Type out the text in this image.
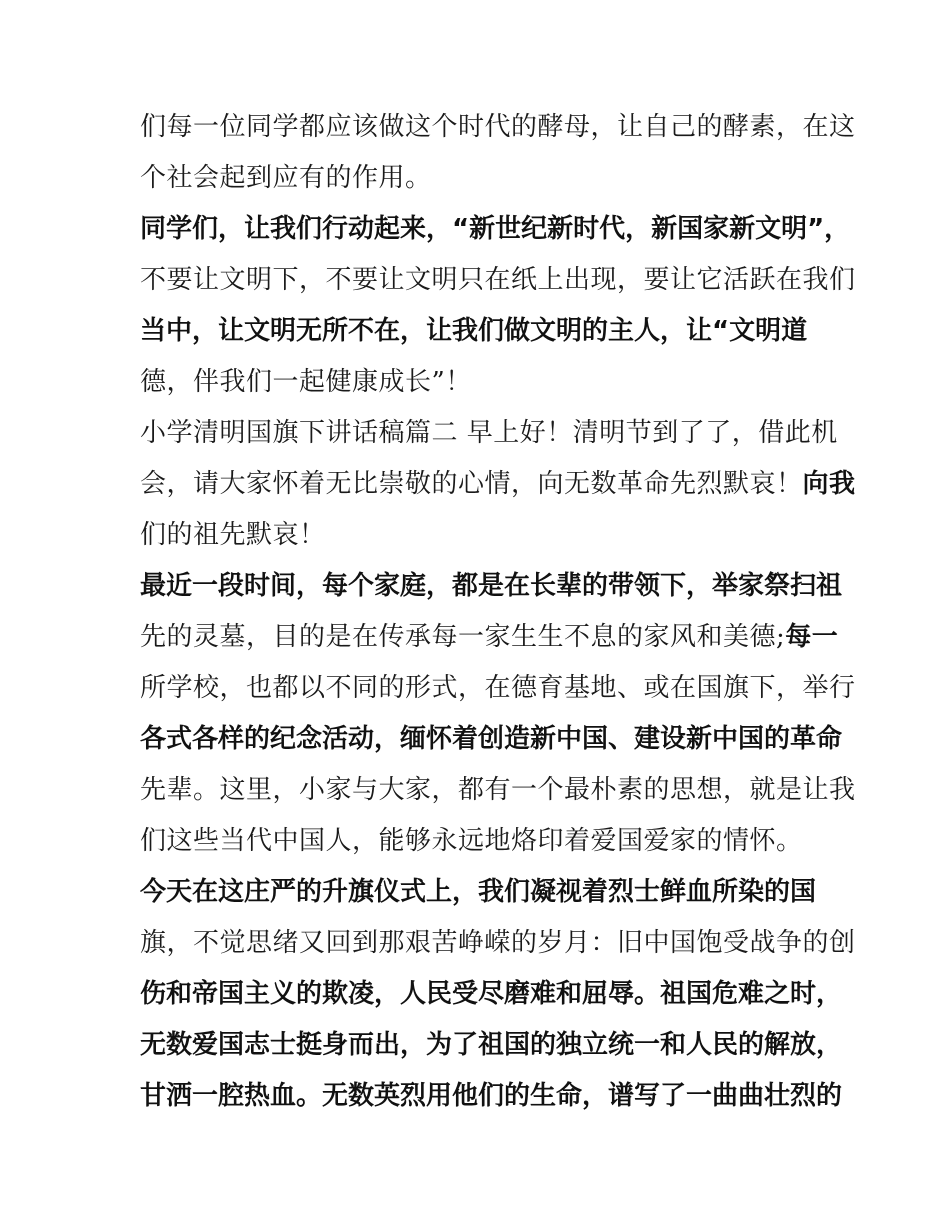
们每一位同学都应该做这个时代的酵母，让自己的酵素，在这
个社会起到应有的作用。
同学们，让我们行动起来，“新世纪新时代，新国家新文明”，
不要让文明下，不要让文明只在纸上出现，要让它活跃在我们
当中，让文明无所不在，让我们做文明的主人，让“文明道
德，伴我们一起健康成长”！
小学清明国旗下讲话稿篇二 早上好！清明节到了了，借此机
会，请大家怀着无比崇敬的心情，向无数革命先烈默哀！向我
们的祖先默哀！
最近一段时间，每个家庭，都是在长辈的带领下，举家祭扫祖
先的灵墓，目的是在传承每一家生生不息的家风和美德;每一
所学校，也都以不同的形式，在德育基地、或在国旗下，举行
各式各样的纪念活动，缅怀着创造新中国、建设新中国的革命
先辈。这里，小家与大家，都有一个最朴素的思想，就是让我
们这些当代中国人，能够永远地烙印着爱国爱家的情怀。
今天在这庄严的升旗仪式上，我们凝视着烈士鲜血所染的国
旗，不觉思绪又回到那艰苦峥嵘的岁月：旧中国饱受战争的创
伤和帝国主义的欺凌，人民受尽磨难和屈辱。祖国危难之时，
无数爱国志士挺身而出，为了祖国的独立统一和人民的解放，
甘洒一腔热血。无数英烈用他们的生命，谱写了一曲曲壮烈的
